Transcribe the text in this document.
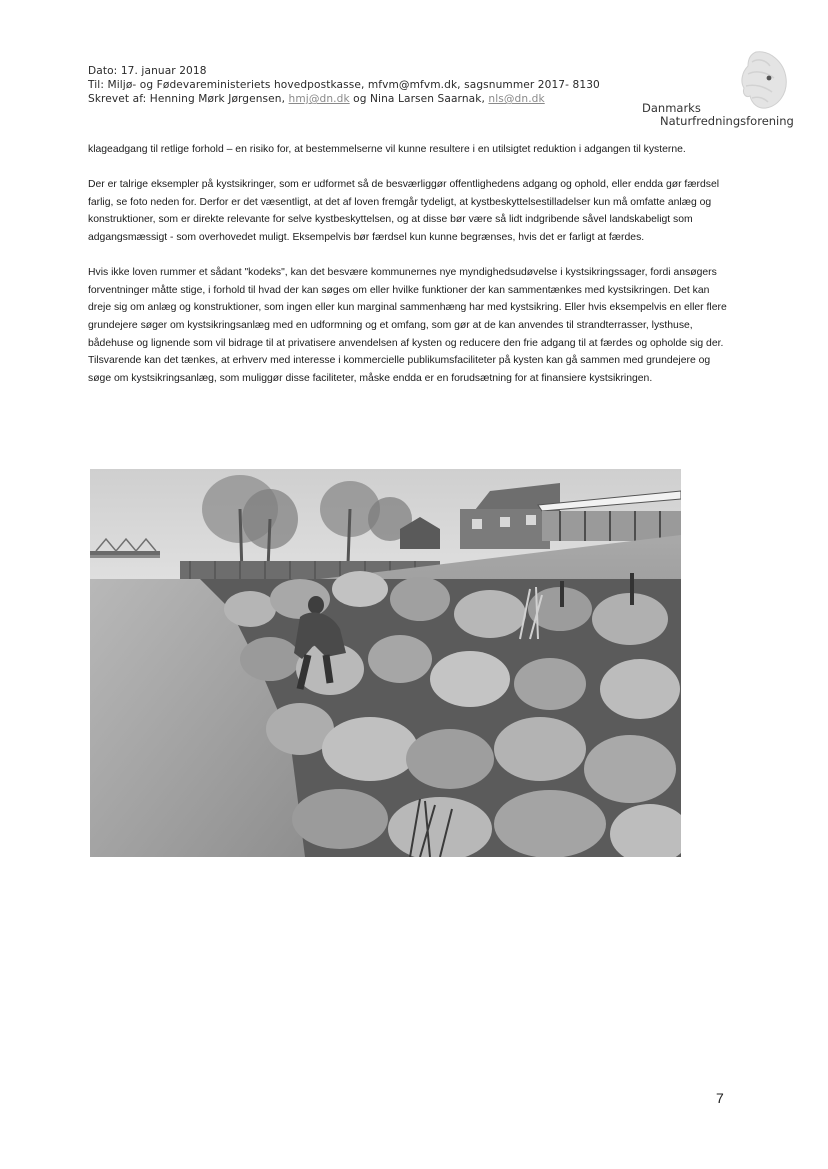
Dato: 17. januar 2018
Til: Miljø- og Fødevareministeriets hovedpostkasse, mfvm@mfvm.dk, sagsnummer 2017- 8130
Skrevet af: Henning Mørk Jørgensen, hmj@dn.dk og Nina Larsen Saarnak, nls@dn.dk
Danmarks
Naturfredningsforening

klageadgang til retlige forhold – en risiko for, at bestemmelserne vil kunne resultere i en utilsigtet reduktion i adgangen til kysterne.

Der er talrige eksempler på kystsikringer, som er udformet så de besværliggør offentlighedens adgang og ophold, eller endda gør færdsel farlig, se foto neden for. Derfor er det væsentligt, at det af loven fremgår tydeligt, at kystbeskyttelsestilladelser kun må omfatte anlæg og konstruktioner, som er direkte relevante for selve kystbeskyttelsen, og at disse bør være så lidt indgribende såvel landskabeligt som adgangsmæssigt - som overhovedet muligt. Eksempelvis bør færdsel kun kunne begrænses, hvis det er farligt at færdes.

Hvis ikke loven rummer et sådant "kodeks", kan det besvære kommunernes nye myndighedsudøvelse i kystsikringssager, fordi ansøgers forventninger måtte stige, i forhold til hvad der kan søges om eller hvilke funktioner der kan sammentænkes med kystsikringen. Det kan dreje sig om anlæg og konstruktioner, som ingen eller kun marginal sammenhæng har med kystsikring. Eller hvis eksempelvis en eller flere grundejere søger om kystsikringsanlæg med en udformning og et omfang, som gør at de kan anvendes til strandterrasser, lysthuse, bådehuse og lignende som vil bidrage til at privatisere anvendelsen af kysten og reducere den frie adgang til at færdes og opholde sig der. Tilsvarende kan det tænkes, at erhverv med interesse i kommercielle publikumsfaciliteter på kysten kan gå sammen med grundejere og søge om kystsikringsanlæg, som muliggør disse faciliteter, måske endda er en forudsætning for at finansiere kystsikringen.

7
